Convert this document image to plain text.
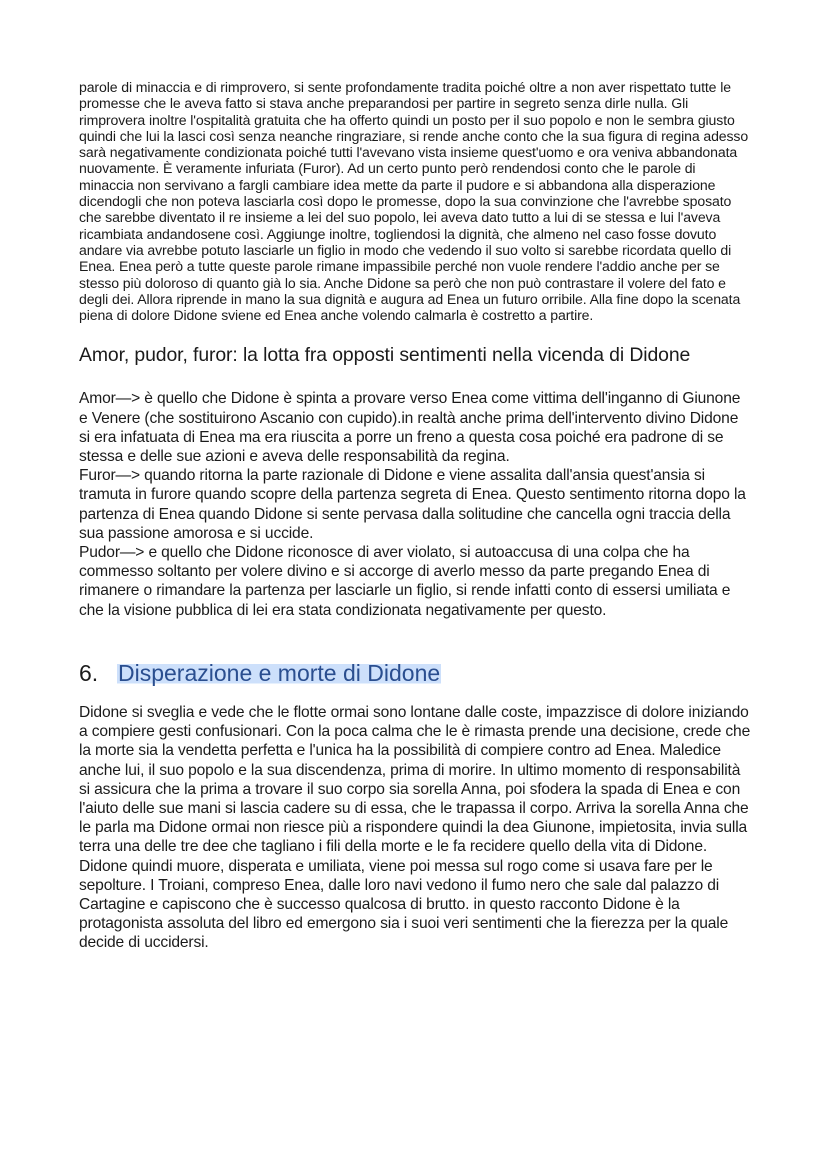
parole di minaccia e di rimprovero, si sente profondamente tradita poiché oltre a non aver rispettato tutte le promesse che le aveva fatto si stava anche preparandosi per partire in segreto senza dirle nulla. Gli rimprovera inoltre l'ospitalità gratuita che ha offerto quindi un posto per il suo popolo e non le sembra giusto quindi che lui la lasci così senza neanche ringraziare, si rende anche conto che la sua figura di regina adesso sarà negativamente condizionata poiché tutti l'avevano vista insieme quest'uomo e ora veniva abbandonata nuovamente. È veramente infuriata (Furor). Ad un certo punto però rendendosi conto che le parole di minaccia non servivano a fargli cambiare idea mette da parte il pudore e si abbandona alla disperazione dicendogli che non poteva lasciarla così dopo le promesse, dopo la sua convinzione che l'avrebbe sposato che sarebbe diventato il re insieme a lei del suo popolo, lei aveva dato tutto a lui di se stessa e lui l'aveva ricambiata andandosene così. Aggiunge inoltre, togliendosi la dignità, che almeno nel caso fosse dovuto andare via avrebbe potuto lasciarle un figlio in modo che vedendo il suo volto si sarebbe ricordata quello di Enea. Enea però a tutte queste parole rimane impassibile perché non vuole rendere l'addio anche per se stesso più doloroso di quanto già lo sia. Anche Didone sa però che non può contrastare il volere del fato e degli dei. Allora riprende in mano la sua dignità e augura ad Enea un futuro orribile. Alla fine dopo la scenata piena di dolore Didone sviene ed Enea anche volendo calmarla è costretto a partire.

Amor, pudor, furor: la lotta fra opposti sentimenti nella vicenda di Didone

Amor—> è quello che Didone è spinta a provare verso Enea come vittima dell'inganno di Giunone e Venere (che sostituirono Ascanio con cupido).in realtà anche prima dell'intervento divino Didone si era infatuata di Enea ma era riuscita a porre un freno a questa cosa poiché era padrone di se stessa e delle sue azioni e aveva delle responsabilità da regina.

Furor—> quando ritorna la parte razionale di Didone e viene assalita dall'ansia quest'ansia si tramuta in furore quando scopre della partenza segreta di Enea. Questo sentimento ritorna dopo la partenza di Enea quando Didone si sente pervasa dalla solitudine che cancella ogni traccia della sua passione amorosa e si uccide.

Pudor—> e quello che Didone riconosce di aver violato, si autoaccusa di una colpa che ha commesso soltanto per volere divino e si accorge di averlo messo da parte pregando Enea di rimanere o rimandare la partenza per lasciarle un figlio, si rende infatti conto di essersi umiliata e che la visione pubblica di lei era stata condizionata negativamente per questo.

6. Disperazione e morte di Didone

Didone si sveglia e vede che le flotte ormai sono lontane dalle coste, impazzisce di dolore iniziando a compiere gesti confusionari. Con la poca calma che le è rimasta prende una decisione, crede che la morte sia la vendetta perfetta e l'unica ha la possibilità di compiere contro ad Enea. Maledice anche lui, il suo popolo e la sua discendenza, prima di morire. In ultimo momento di responsabilità si assicura che la prima a trovare il suo corpo sia sorella Anna, poi sfodera la spada di Enea e con l'aiuto delle sue mani si lascia cadere su di essa, che le trapassa il corpo. Arriva la sorella Anna che le parla ma Didone ormai non riesce più a rispondere quindi la dea Giunone, impietosita, invia sulla terra una delle tre dee che tagliano i fili della morte e le fa recidere quello della vita di Didone. Didone quindi muore, disperata e umiliata, viene poi messa sul rogo come si usava fare per le sepolture. I Troiani, compreso Enea, dalle loro navi vedono il fumo nero che sale dal palazzo di Cartagine e capiscono che è successo qualcosa di brutto. in questo racconto Didone è la protagonista assoluta del libro ed emergono sia i suoi veri sentimenti che la fierezza per la quale decide di uccidersi.
